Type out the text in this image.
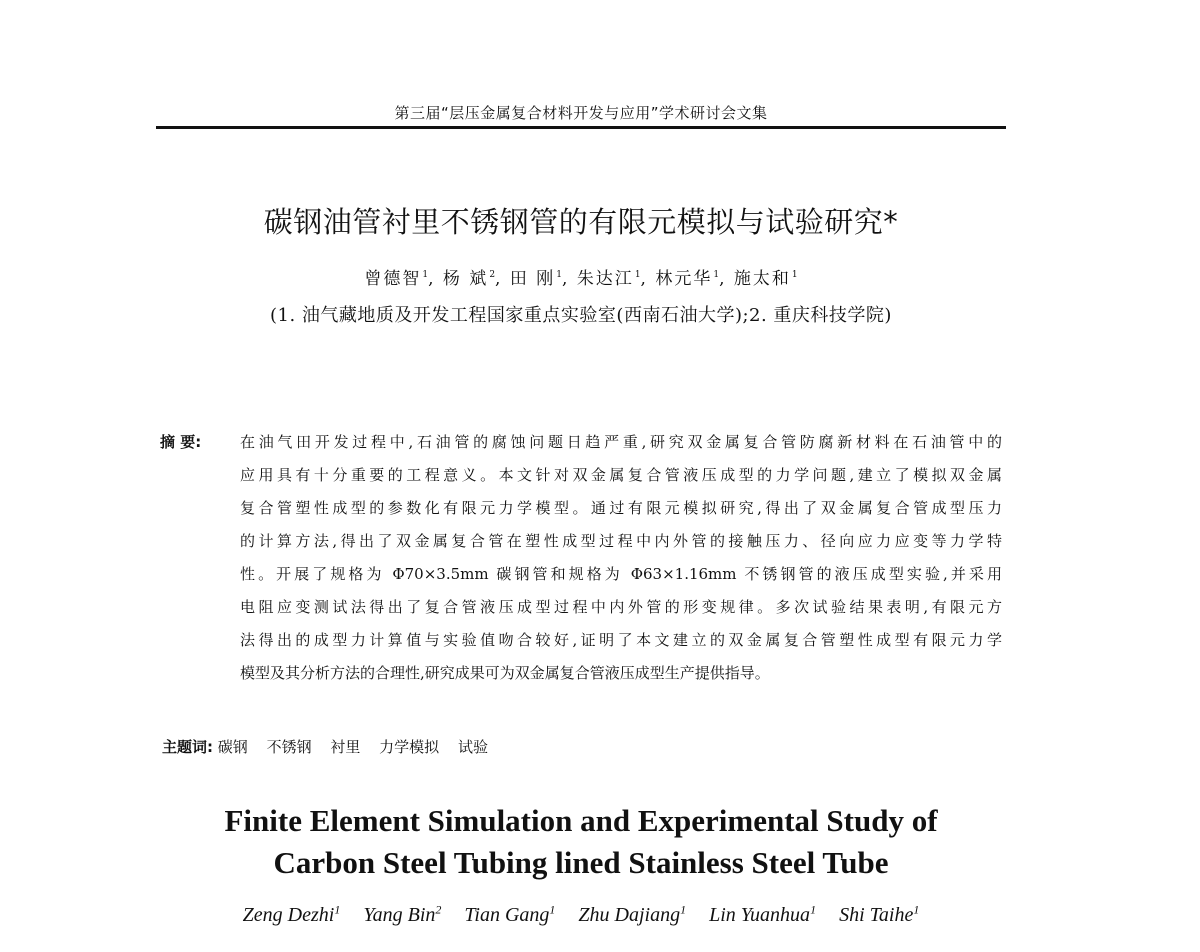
第三届“层压金属复合材料开发与应用”学术研讨会文集
碳钢油管衬里不锈钢管的有限元模拟与试验研究*
曾德智$^1$, 杨 斌$^2$, 田 刚$^1$, 朱达江$^1$, 林元华$^1$, 施太和$^1$
(1. 油气藏地质及开发工程国家重点实验室(西南石油大学);2. 重庆科技学院)
摘 要:	在油气田开发过程中,石油管的腐蚀问题日趋严重,研究双金属复合管防腐新材料在石油管中的
应用具有十分重要的工程意义。本文针对双金属复合管液压成型的力学问题,建立了模拟双金属
复合管塑性成型的参数化有限元力学模型。通过有限元模拟研究,得出了双金属复合管成型压力
的计算方法,得出了双金属复合管在塑性成型过程中内外管的接触压力、径向应力应变等力学特
性。开展了规格为 Φ70×3.5mm 碳钢管和规格为 Φ63×1.16mm 不锈钢管的液压成型实验,并采用
电阻应变测试法得出了复合管液压成型过程中内外管的形变规律。多次试验结果表明,有限元方
法得出的成型力计算值与实验值吻合较好,证明了本文建立的双金属复合管塑性成型有限元力学
模型及其分析方法的合理性,研究成果可为双金属复合管液压成型生产提供指导。
主题词: 碳钢 不锈钢 衬里 力学模拟 试验
Finite Element Simulation and Experimental Study of
Carbon Steel Tubing lined Stainless Steel Tube
Zeng Dezhi$^1$ Yang Bin$^2$ Tian Gang$^1$ Zhu Dajiang$^1$ Lin Yuanhua$^1$ Shi Taihe$^1$
